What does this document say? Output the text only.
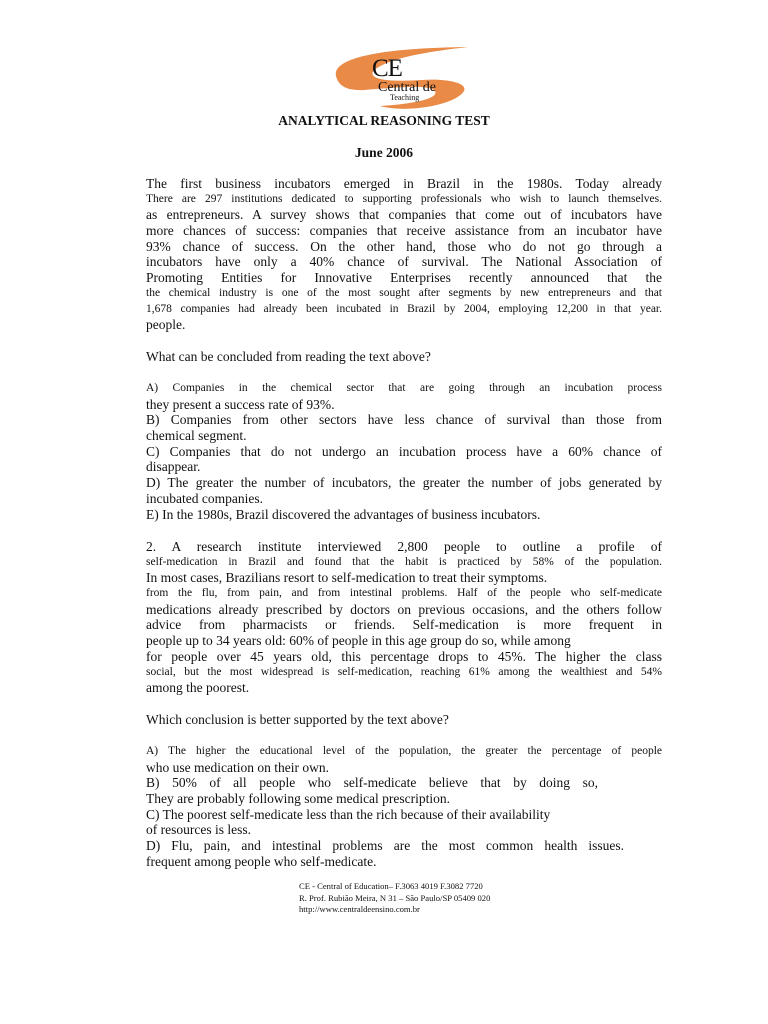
CE
Central de
Teaching
ANALYTICAL REASONING TEST
June 2006
The first business incubators emerged in Brazil in the 1980s. Today already
There are 297 institutions dedicated to supporting professionals who wish to launch themselves.
as entrepreneurs. A survey shows that companies that come out of incubators have
more chances of success: companies that receive assistance from an incubator have
93% chance of success. On the other hand, those who do not go through a
incubators have only a 40% chance of survival. The National Association of
Promoting Entities for Innovative Enterprises recently announced that the
the chemical industry is one of the most sought after segments by new entrepreneurs and that
1,678 companies had already been incubated in Brazil by 2004, employing 12,200 in that year.
people.
What can be concluded from reading the text above?
A) Companies in the chemical sector that are going through an incubation process
they present a success rate of 93%.
B) Companies from other sectors have less chance of survival than those from
chemical segment.
C) Companies that do not undergo an incubation process have a 60% chance of
disappear.
D) The greater the number of incubators, the greater the number of jobs generated by
incubated companies.
E) In the 1980s, Brazil discovered the advantages of business incubators.
2. A research institute interviewed 2,800 people to outline a profile of
self-medication in Brazil and found that the habit is practiced by 58% of the population.
In most cases, Brazilians resort to self-medication to treat their symptoms.
from the flu, from pain, and from intestinal problems. Half of the people who self-medicate
medications already prescribed by doctors on previous occasions, and the others follow
advice from pharmacists or friends. Self-medication is more frequent in
people up to 34 years old: 60% of people in this age group do so, while among
for people over 45 years old, this percentage drops to 45%. The higher the class
social, but the most widespread is self-medication, reaching 61% among the wealthiest and 54%
among the poorest.
Which conclusion is better supported by the text above?
A) The higher the educational level of the population, the greater the percentage of people
who use medication on their own.
B) 50% of all people who self-medicate believe that by doing so,
They are probably following some medical prescription.
C) The poorest self-medicate less than the rich because of their availability
of resources is less.
D) Flu, pain, and intestinal problems are the most common health issues.
frequent among people who self-medicate.
CE - Central of Education– F.3063 4019 F.3082 7720
R. Prof. Rubião Meira, N 31 – São Paulo/SP 05409 020
http://www.centraldeensino.com.br
